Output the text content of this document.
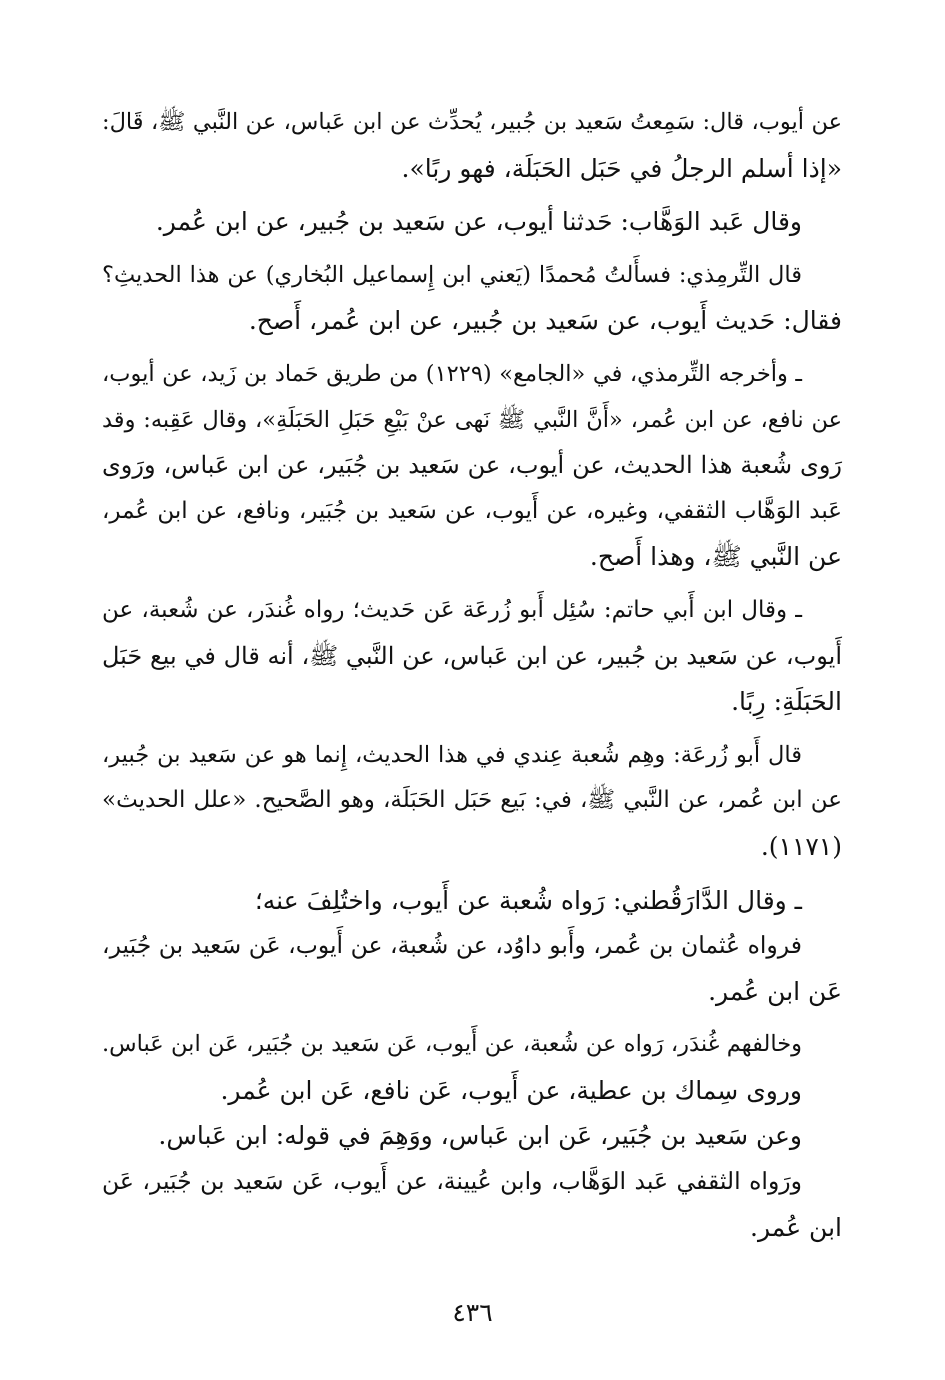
عن أيوب، قال: سَمِعتُ سَعيد بن جُبير، يُحدِّث عن ابن عَباس، عن النَّبي ﷺ، قَالَ:
«إذا أسلم الرجلُ في حَبَل الحَبَلَة، فهو ربًا».
وقال عَبد الوَهَّاب: حَدثنا أيوب، عن سَعيد بن جُبير، عن ابن عُمر.
قال التِّرمِذي: فسأَلتُ مُحمدًا (يَعني ابن إِسماعيل البُخاري) عن هذا الحديثِ؟
فقال: حَديث أَيوب، عن سَعيد بن جُبير، عن ابن عُمر، أَصح.
ـ وأخرجه التِّرمذي، في «الجامع» (١٢٢٩) من طريق حَماد بن زَيد، عن أيوب،
عن نافع، عن ابن عُمر، «أَنَّ النَّبي ﷺ نَهى عنْ بَيْعِ حَبَلِ الحَبَلَةِ»، وقال عَقِبه: وقد
رَوى شُعبة هذا الحديث، عن أيوب، عن سَعيد بن جُبَير، عن ابن عَباس، ورَوى
عَبد الوَهَّاب الثقفي، وغيره، عن أَيوب، عن سَعيد بن جُبَير، ونافع، عن ابن عُمر،
عن النَّبي ﷺ، وهذا أَصح.
ـ وقال ابن أَبي حاتم: سُئِل أَبو زُرعَة عَن حَديث؛ رواه غُندَر، عن شُعبة، عن
أَيوب، عن سَعيد بن جُبير، عن ابن عَباس، عن النَّبي ﷺ، أنه قال في بيع حَبَل
الحَبَلَةِ: رِبًا.
قال أَبو زُرعَة: وهِم شُعبة عِندي في هذا الحديث، إِنما هو عن سَعيد بن جُبير،
عن ابن عُمر، عن النَّبي ﷺ، في: بَيع حَبَل الحَبَلَة، وهو الصَّحيح. «علل الحديث»
(١١٧١).
ـ وقال الدَّارَقُطني: رَواه شُعبة عن أَيوب، واختُلِفَ عنه؛
فرواه عُثمان بن عُمر، وأَبو داوُد، عن شُعبة، عن أَيوب، عَن سَعيد بن جُبَير،
عَن ابن عُمر.
وخالفهم غُندَر، رَواه عن شُعبة، عن أَيوب، عَن سَعيد بن جُبَير، عَن ابن عَباس.
وروى سِماك بن عطية، عن أَيوب، عَن نافع، عَن ابن عُمر.
وعن سَعيد بن جُبَير، عَن ابن عَباس، ووَهِمَ في قوله: ابن عَباس.
ورَواه الثقفي عَبد الوَهَّاب، وابن عُيينة، عن أَيوب، عَن سَعيد بن جُبَير، عَن
ابن عُمر.
٤٣٦
